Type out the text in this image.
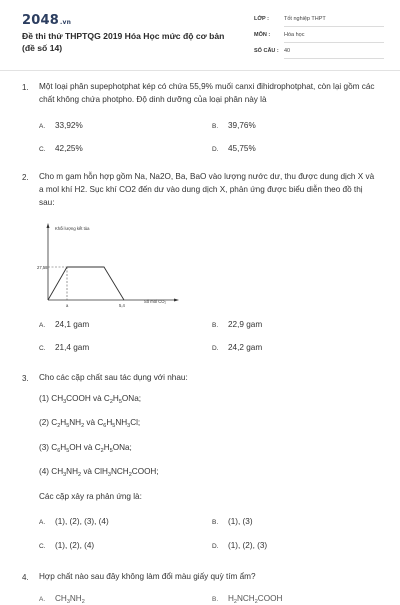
2048.vn
Đề thi thử THPTQG 2019 Hóa Học mức độ cơ bản (đề số 14)
LỚP :	Tốt nghiệp THPT
MÔN :	Hóa học
SỐ CÂU : 40
1. Một loại phân supephotphat kép có chứa 55,9% muối canxi đihidrophotphat, còn lại gồm các chất không chứa photpho. Độ dinh dưỡng của loại phân này là
A. 33,92%	B. 39,76%
C. 42,25%	D. 45,75%
2. Cho m gam hỗn hợp gồm Na, Na2O, Ba, BaO vào lượng nước dư, thu được dung dịch X và a mol khí H2. Sục khí CO2 đến dư vào dung dịch X, phản ứng được biểu diễn theo đồ thị sau:
Khối lượng kết tủa
27,58
a	5,4
Số mol CO₂
A. 24,1 gam	B. 22,9 gam
C. 21,4 gam	D. 24,2 gam
3. Cho các cặp chất sau tác dụng với nhau:
(1) $CH_3COOH$ và $C_2H_5ONa$;
(2) $C_2H_5NH_2$ và $C_6H_5NH_3Cl$;
(3) $C_6H_5OH$ và $C_2H_5ONa$;
(4) $CH_3NH_2$ và $ClH_3NCH_2COOH$;
Các cặp xảy ra phản ứng là:
A. (1), (2), (3), (4)	B. (1), (3)
C. (1), (2), (4)	D. (1), (2), (3)
4. Hợp chất nào sau đây không làm đổi màu giấy quỳ tím ẩm?
A. $CH_3NH_2$	B. $H_2NCH_2COOH$
